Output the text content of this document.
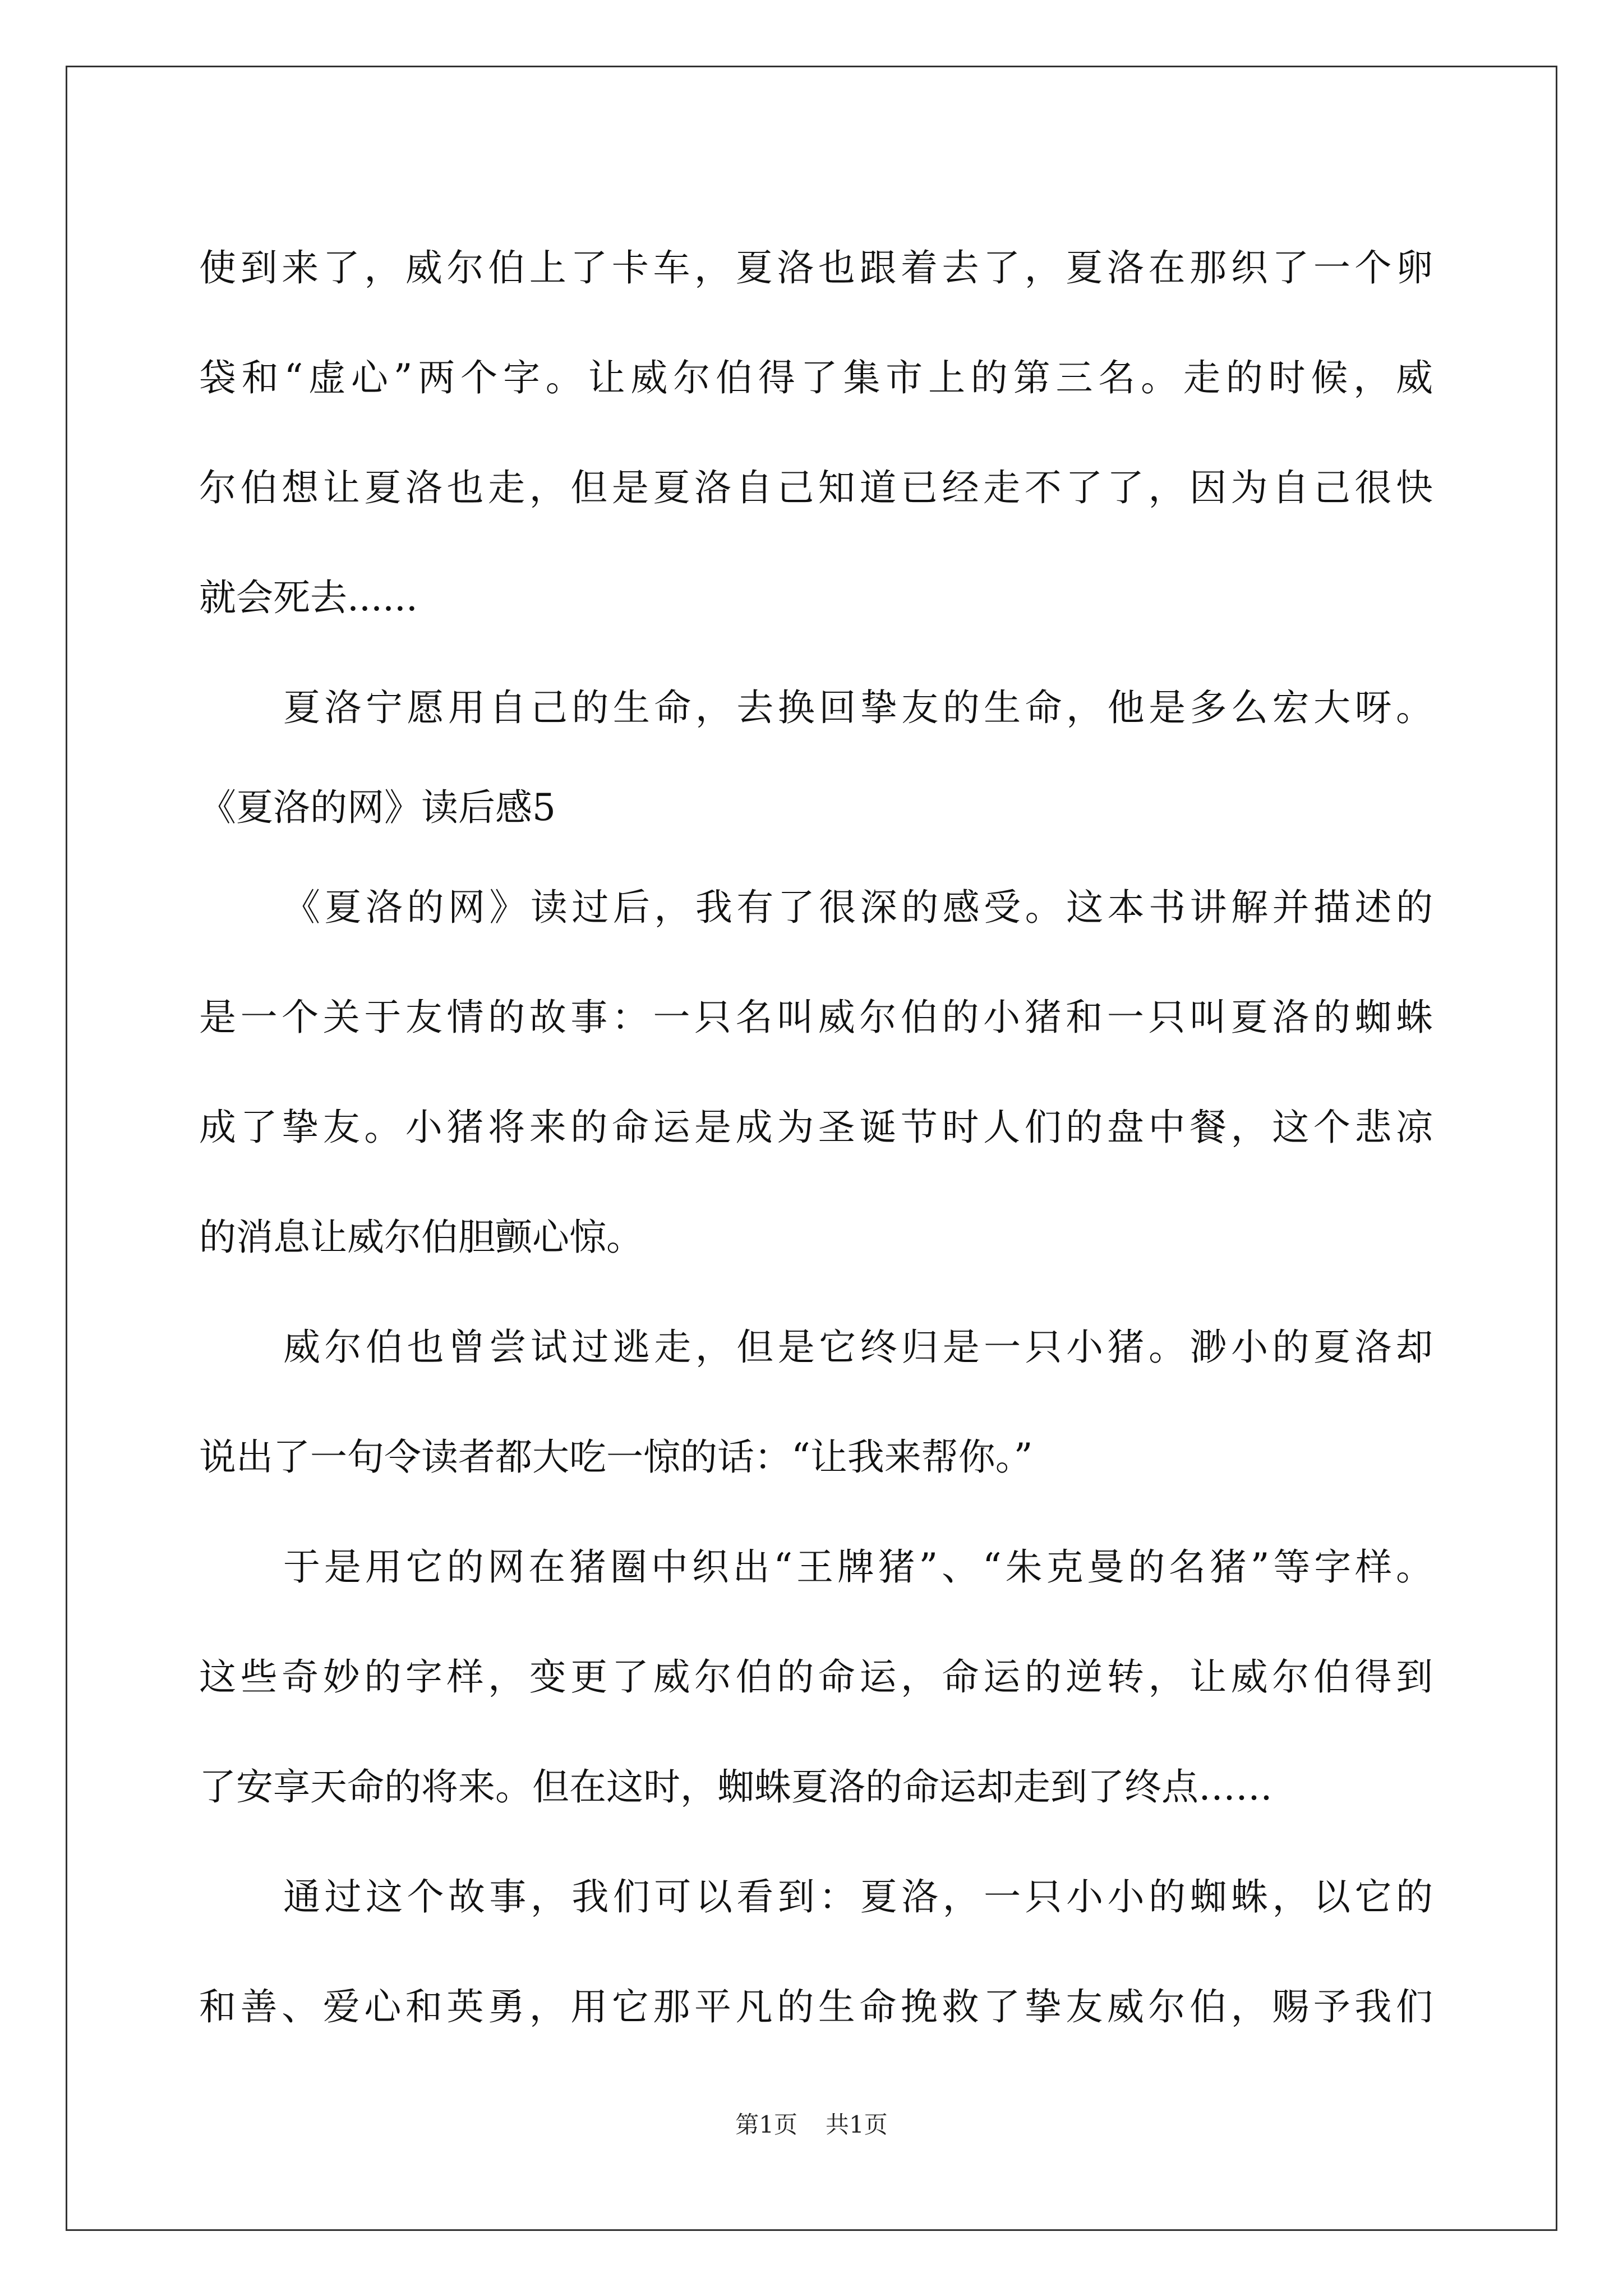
使到来了，威尔伯上了卡车，夏洛也跟着去了，夏洛在那织了一个卵
袋和“虚心”两个字。让威尔伯得了集市上的第三名。走的时候，威
尔伯想让夏洛也走，但是夏洛自己知道已经走不了了，因为自己很快
就会死去......
夏洛宁愿用自己的生命，去换回挚友的生命，他是多么宏大呀。
《夏洛的网》读后感5
《夏洛的网》读过后，我有了很深的感受。这本书讲解并描述的
是一个关于友情的故事：一只名叫威尔伯的小猪和一只叫夏洛的蜘蛛
成了挚友。小猪将来的命运是成为圣诞节时人们的盘中餐，这个悲凉
的消息让威尔伯胆颤心惊。
威尔伯也曾尝试过逃走，但是它终归是一只小猪。渺小的夏洛却
说出了一句令读者都大吃一惊的话：“让我来帮你。”
于是用它的网在猪圈中织出“王牌猪”、“朱克曼的名猪”等字样。
这些奇妙的字样，变更了威尔伯的命运，命运的逆转，让威尔伯得到
了安享天命的将来。但在这时，蜘蛛夏洛的命运却走到了终点……
通过这个故事，我们可以看到：夏洛，一只小小的蜘蛛，以它的
和善、爱心和英勇，用它那平凡的生命挽救了挚友威尔伯，赐予我们
第1页 共1页
